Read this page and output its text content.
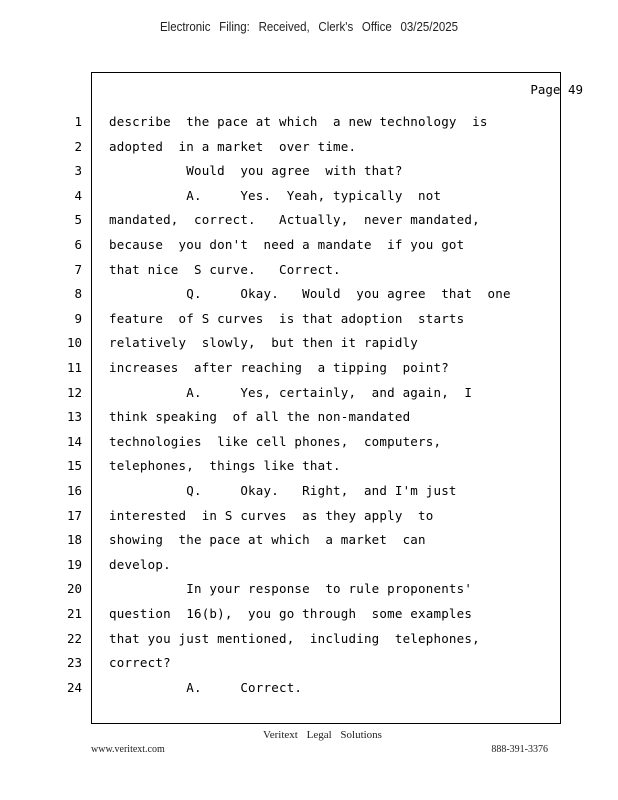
Electronic Filing: Received, Clerk's Office 03/25/2025
Page 49
1 describe  the pace at which  a new technology  is
2 adopted  in a market  over time.
3 Would  you agree  with that?
4 A.     Yes.  Yeah, typically  not
5 mandated,  correct.   Actually,  never mandated,
6 because  you don't  need a mandate  if you got
7 that nice  S curve.   Correct.
8 Q.     Okay.   Would  you agree  that  one
9 feature  of S curves  is that adoption  starts
10 relatively  slowly,  but then it rapidly
11 increases  after reaching  a tipping  point?
12 A.     Yes, certainly,  and again,  I
13 think speaking  of all the non-mandated
14 technologies  like cell phones,  computers,
15 telephones,  things like that.
16 Q.     Okay.   Right,  and I'm just
17 interested  in S curves  as they apply  to
18 showing  the pace at which  a market  can
19 develop.
20 In your response  to rule proponents'
21 question  16(b),  you go through  some examples
22 that you just mentioned,  including  telephones,
23 correct?
24 A.     Correct.
Veritext Legal Solutions
www.veritext.com	888-391-3376
